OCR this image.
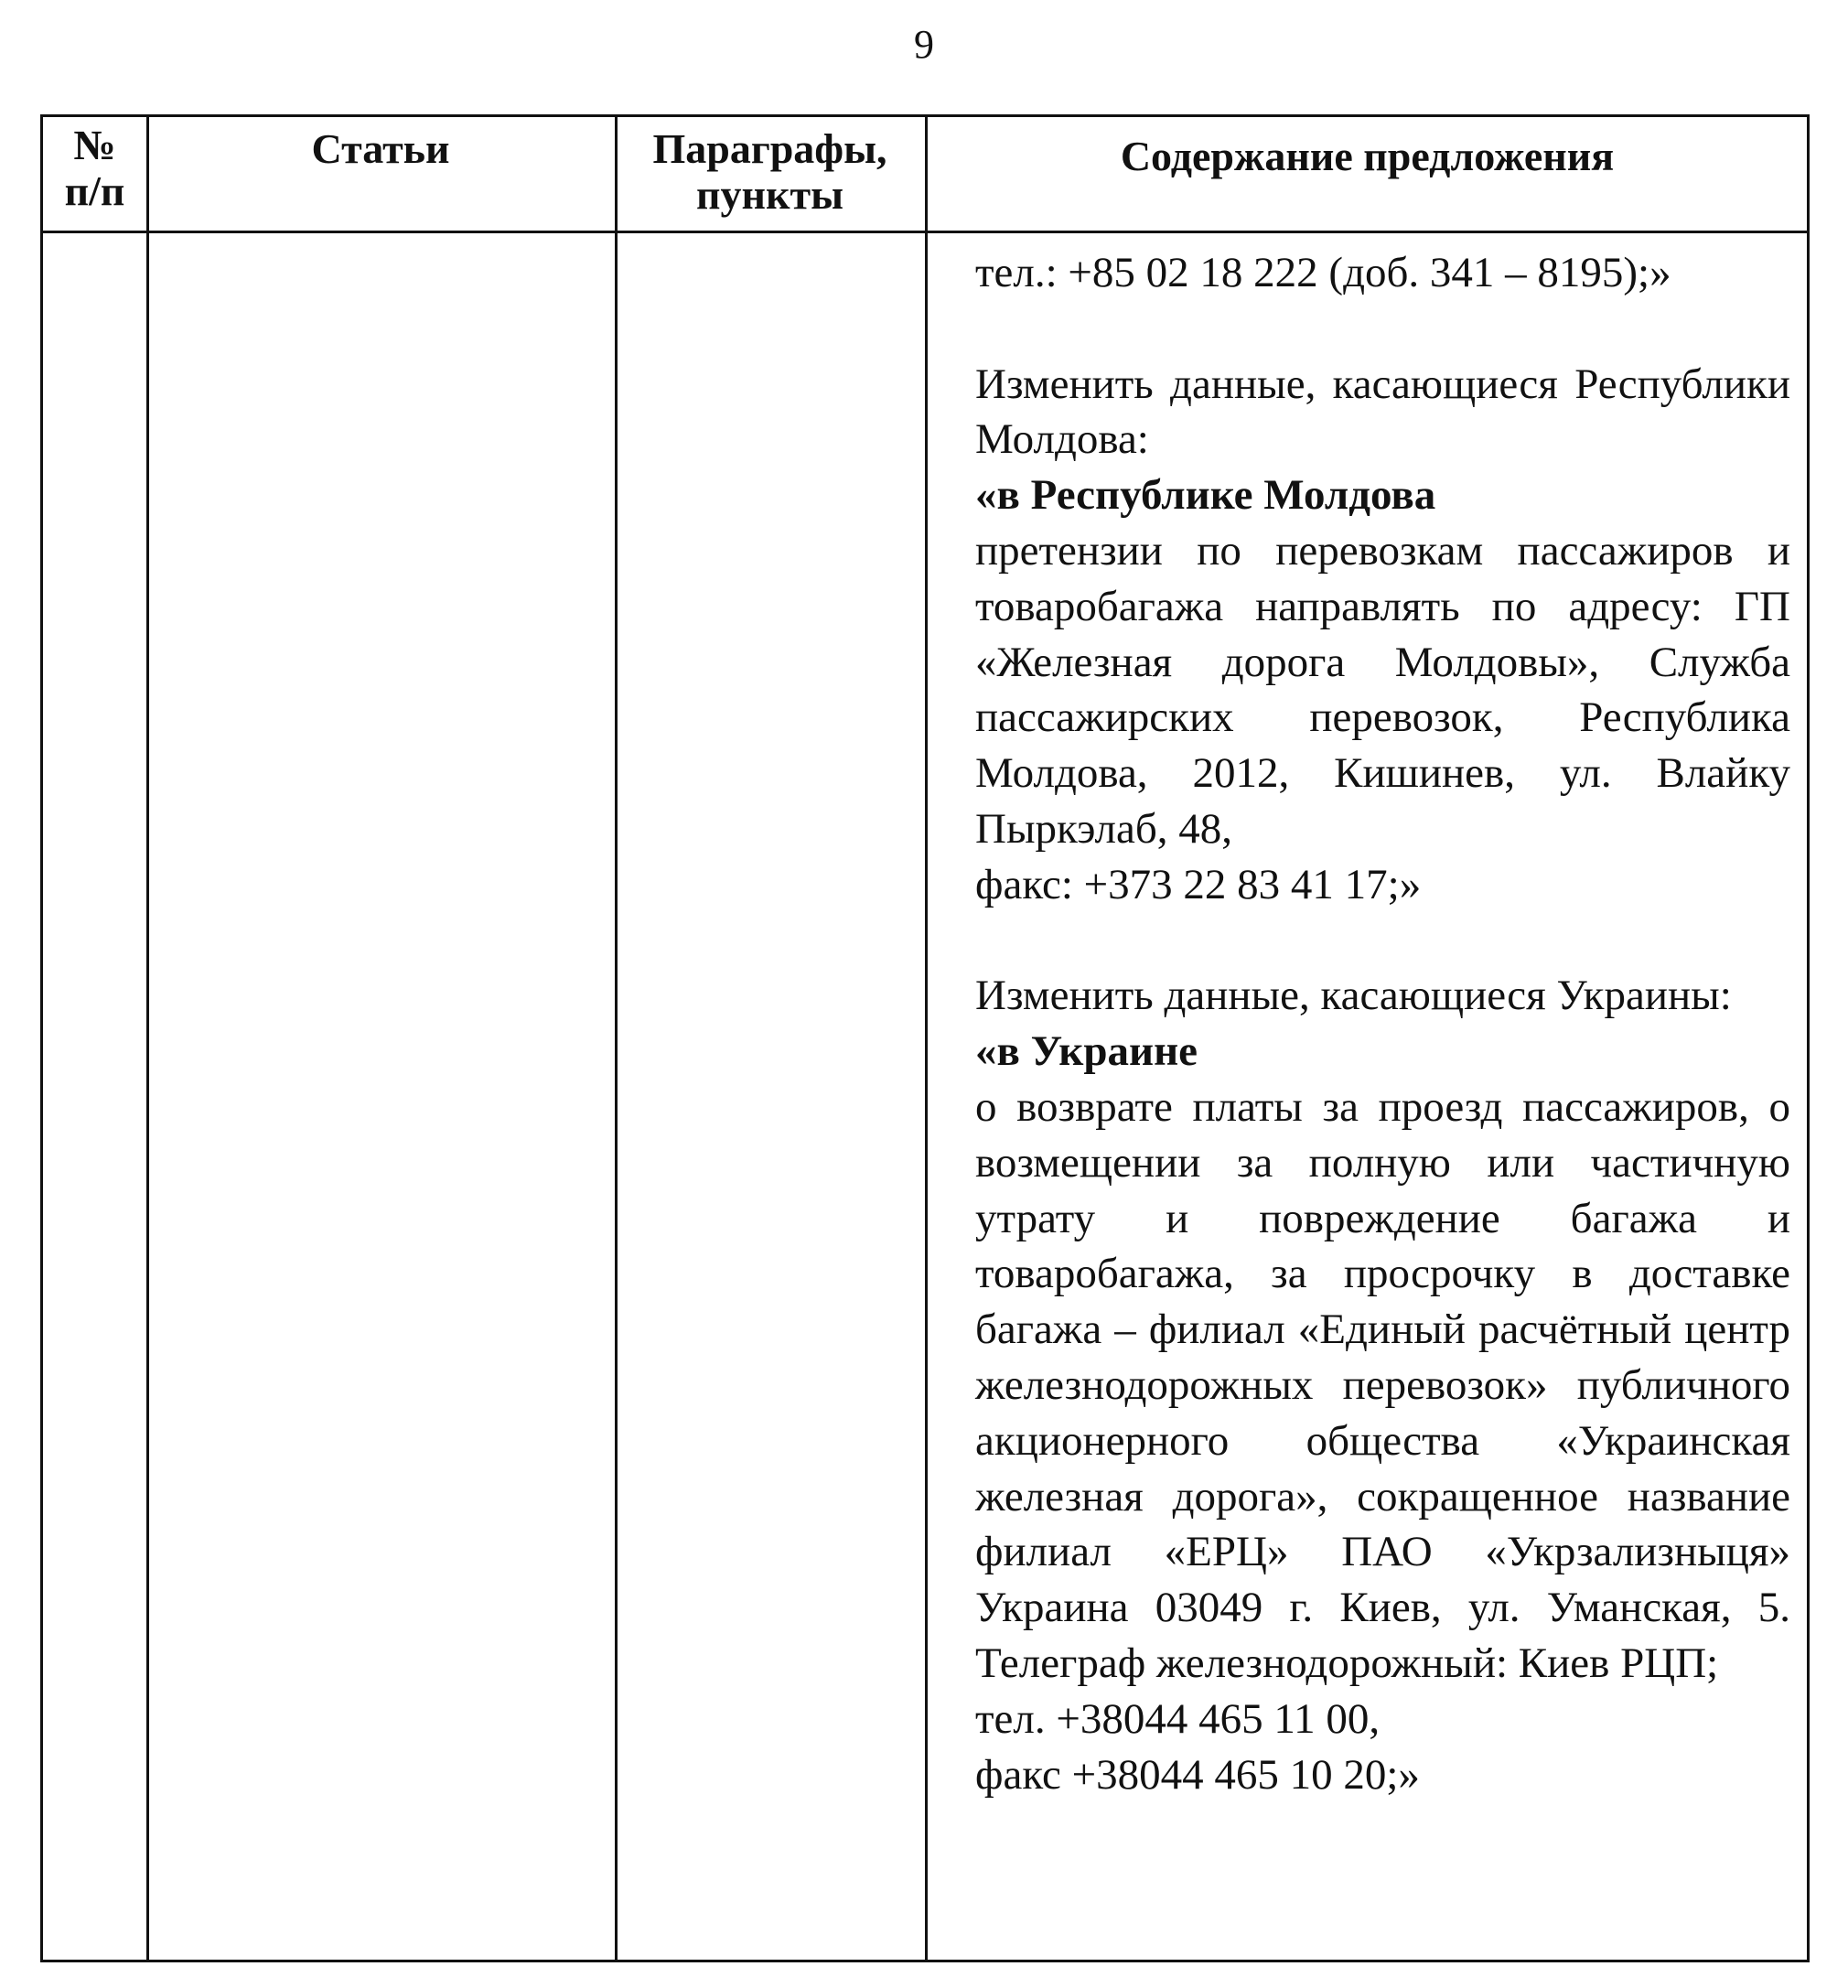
9
№
п/п
Статьи	Параграфы,
пункты
Содержание предложения

тел.: +85 02 18 222 (доб. 341 – 8195);»

Изменить данные, касающиеся Республики Молдова:

«в Республике Молдова

претензии по перевозкам пассажиров и товаробагажа направлять по адресу: ГП «Железная дорога Молдовы», Служба пассажирских перевозок, Республика Молдова, 2012, Кишинев, ул. Влайку Пыркэлаб, 48,

факс: +373 22 83 41 17;»

Изменить данные, касающиеся Украины:

«в Украине

о возврате платы за проезд пассажиров, о возмещении за полную или частичную утрату и повреждение багажа и товаробагажа, за просрочку в доставке багажа – филиал «Единый расчётный центр железнодорожных перевозок» публичного акционерного общества «Украинская железная дорога», сокращенное название филиал «ЕРЦ» ПАО «Укрзализныця» Украина 03049 г. Киев, ул. Уманская, 5. Телеграф железнодорожный: Киев РЦП;

тел. +38044 465 11 00,

факс +38044 465 10 20;»
